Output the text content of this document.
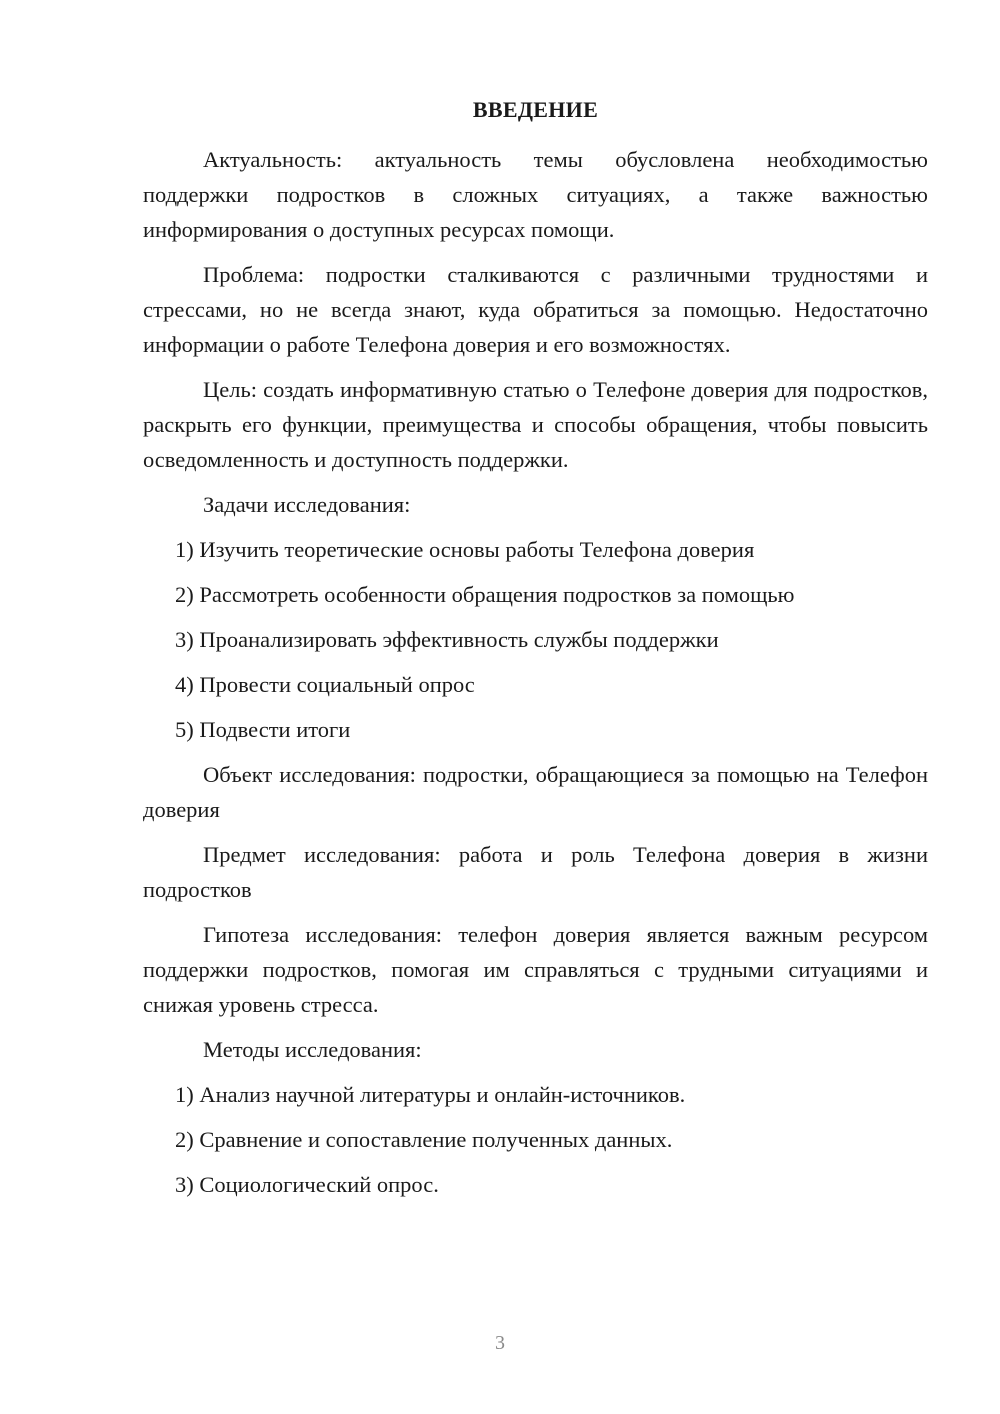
ВВЕДЕНИЕ

Актуальность: актуальность темы обусловлена необходимостью поддержки подростков в сложных ситуациях, а также важностью информирования о доступных ресурсах помощи.

Проблема: подростки сталкиваются с различными трудностями и стрессами, но не всегда знают, куда обратиться за помощью. Недостаточно информации о работе Телефона доверия и его возможностях.

Цель: создать информативную статью о Телефоне доверия для подростков, раскрыть его функции, преимущества и способы обращения, чтобы повысить осведомленность и доступность поддержки.

Задачи исследования:

1) Изучить теоретические основы работы Телефона доверия
2) Рассмотреть особенности обращения подростков за помощью
3) Проанализировать эффективность службы поддержки
4) Провести социальный опрос
5) Подвести итоги

Объект исследования: подростки, обращающиеся за помощью на Телефон доверия

Предмет исследования: работа и роль Телефона доверия в жизни подростков

Гипотеза исследования: телефон доверия является важным ресурсом поддержки подростков, помогая им справляться с трудными ситуациями и снижая уровень стресса.

Методы исследования:

1) Анализ научной литературы и онлайн-источников.
2) Сравнение и сопоставление полученных данных.
3) Социологический опрос.
3
